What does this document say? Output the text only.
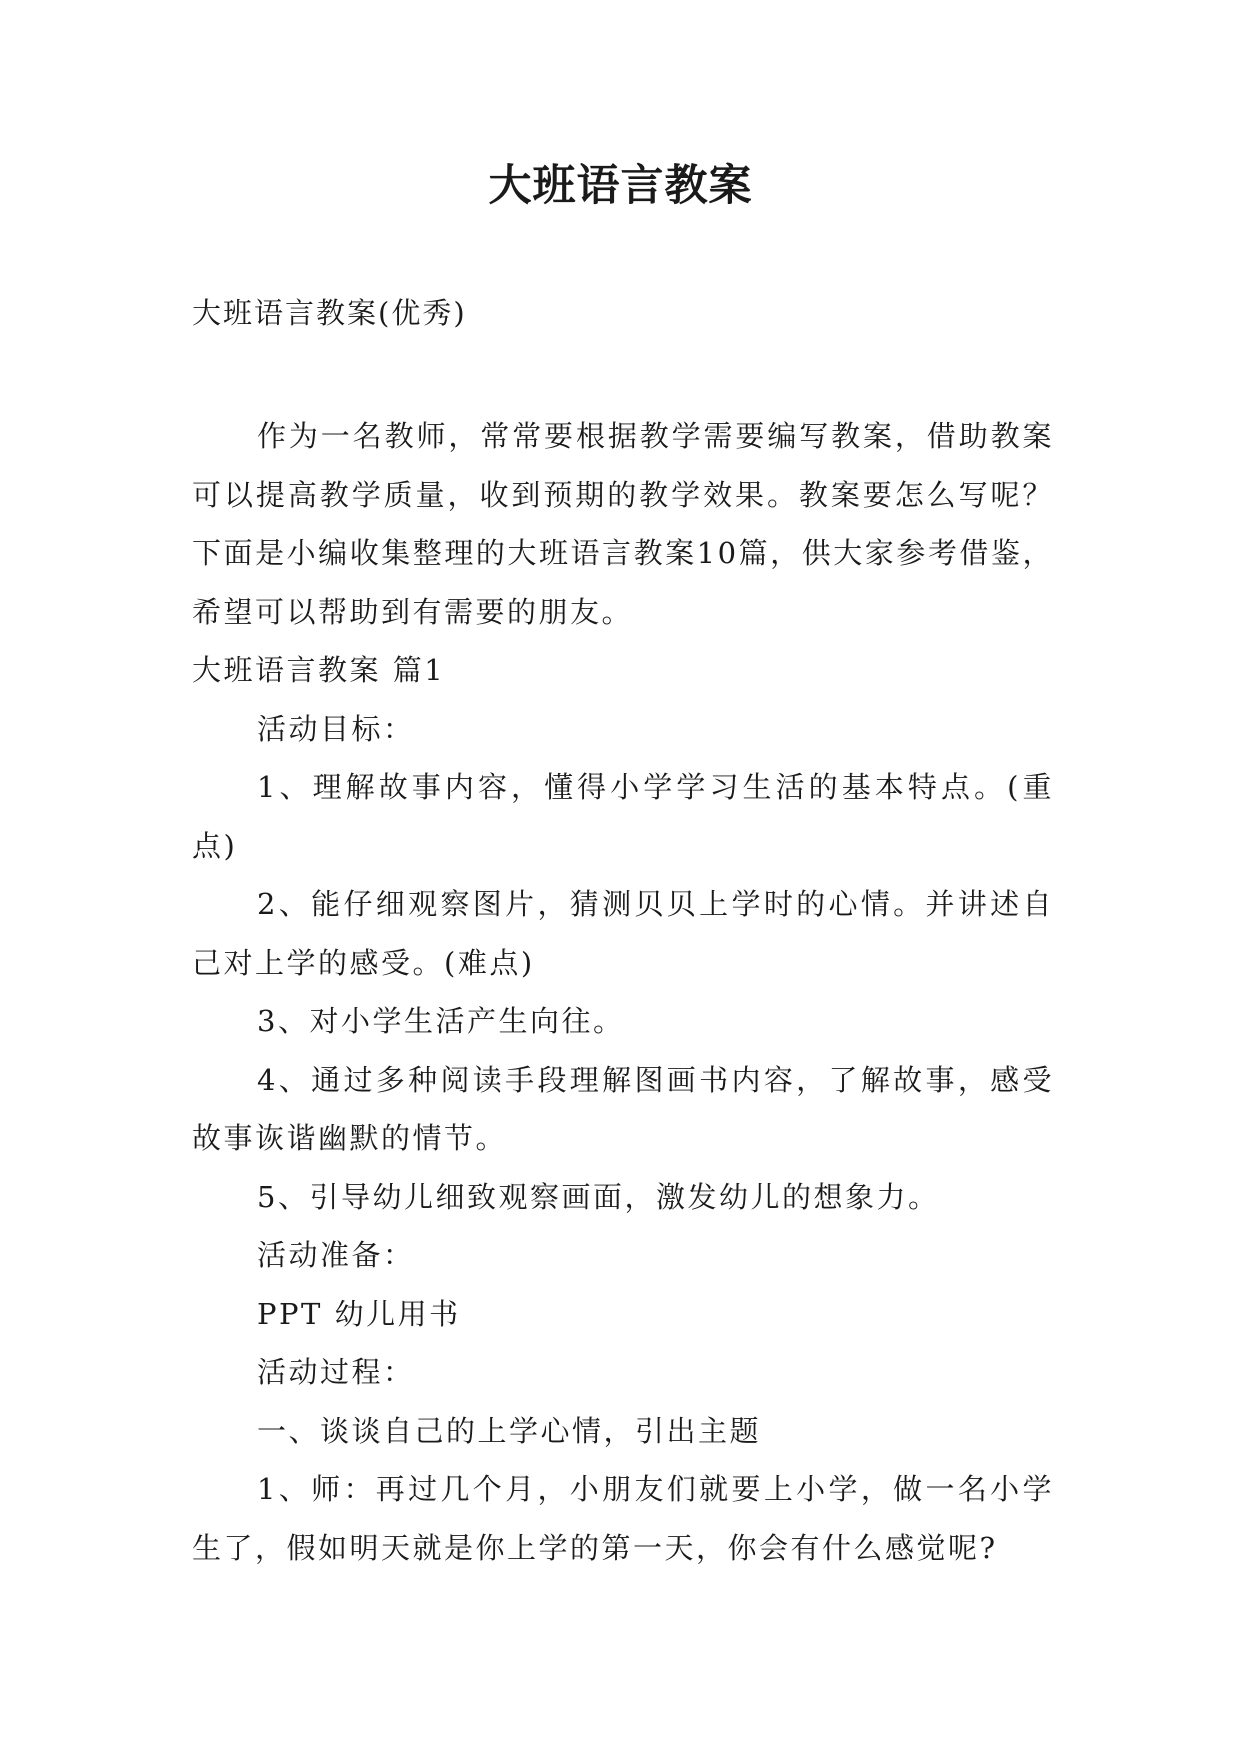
大班语言教案
大班语言教案(优秀)

作为一名教师，常常要根据教学需要编写教案，借助教案可以提高教学质量，收到预期的教学效果。教案要怎么写呢？下面是小编收集整理的大班语言教案10篇，供大家参考借鉴，希望可以帮助到有需要的朋友。

大班语言教案 篇1

活动目标：

1、理解故事内容，懂得小学学习生活的基本特点。(重点)

2、能仔细观察图片，猜测贝贝上学时的心情。并讲述自己对上学的感受。(难点)

3、对小学生活产生向往。

4、通过多种阅读手段理解图画书内容，了解故事，感受故事诙谐幽默的情节。

5、引导幼儿细致观察画面，激发幼儿的想象力。

活动准备：

PPT 幼儿用书

活动过程：

一、谈谈自己的上学心情，引出主题

1、师：再过几个月，小朋友们就要上小学，做一名小学生了，假如明天就是你上学的第一天，你会有什么感觉呢?
